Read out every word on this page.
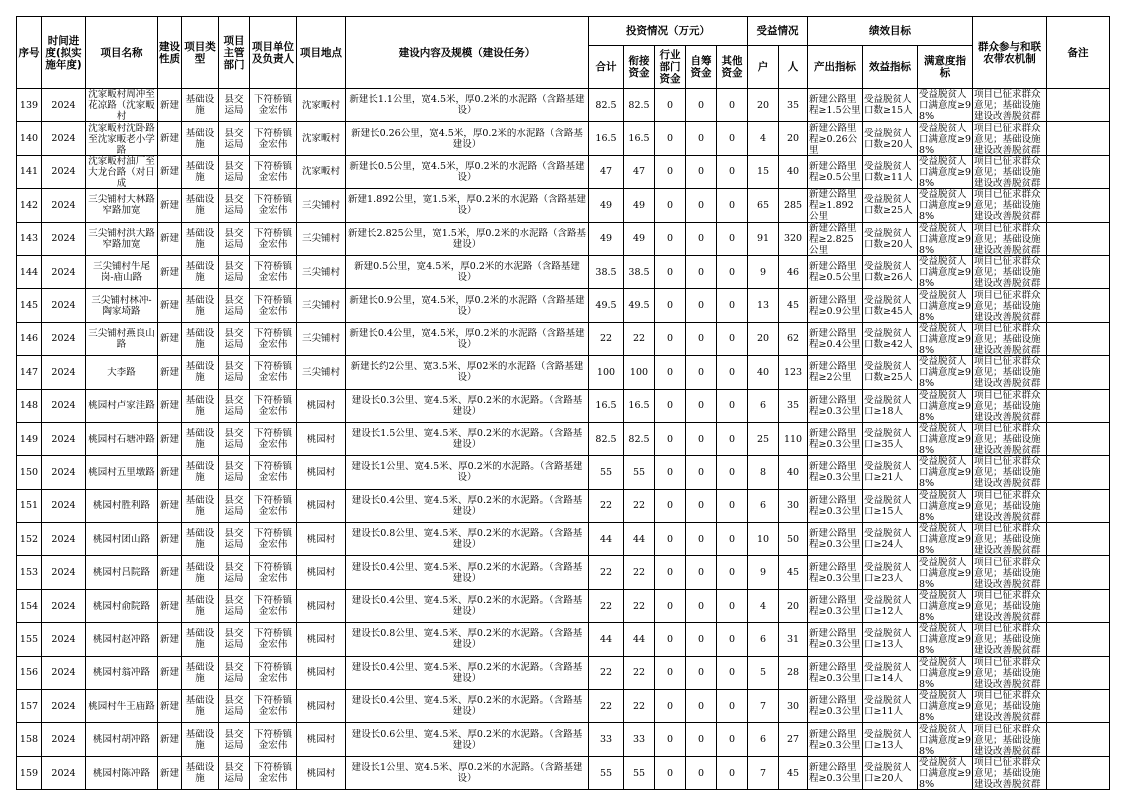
序号	时间进度(拟实施年度)	项目名称	建设性质	项目类型	项目主管部门	项目单位及负责人	项目地点	建设内容及规模（建设任务）	投资情况（万元）					受益情况		绩效目标			群众参与和联农带农机制	备注
									合计	衔接资金	行业部门资金	自筹资金	其他资金	户	人	产出指标	效益指标	满意度指标		

139	2024	沈家畈村周冲至花凉路（沈家畈村	新建	基础设施	县交运局	下符桥镇金宏伟	沈家畈村	新建长1.1公里，宽4.5米，厚0.2米的水泥路（含路基建设）	82.5	82.5	0	0	0	20	35	新建公路里程≥1.5公里	受益脱贫人口数≥15人	受益脱贫人口满意度≥98%	项目已征求群众意见；基础设施建设改善脱贫群	

140	2024	沈家畈村沈卧路至沈家畈老小学路	新建	基础设施	县交运局	下符桥镇金宏伟	沈家畈村	新建长0.26公里，宽4.5米，厚0.2米的水泥路（含路基建设）	16.5	16.5	0	0	0	4	20	新建公路里程≥0.26公里	受益脱贫人口数≥20人	受益脱贫人口满意度≥98%	项目已征求群众意见；基础设施建设改善脱贫群	

141	2024	沈家畈村油厂至大龙台路（对日成	新建	基础设施	县交运局	下符桥镇金宏伟	沈家畈村	新建长0.5公里，宽4.5米，厚0.2米的水泥路（含路基建设）	47	47	0	0	0	15	40	新建公路里程≥0.5公里	受益脱贫人口数≥11人	受益脱贫人口满意度≥98%	项目已征求群众意见；基础设施建设改善脱贫群	

142	2024	三尖铺村大林路窄路加宽	新建	基础设施	县交运局	下符桥镇金宏伟	三尖铺村	新建1.892公里，宽1.5米，厚0.2米的水泥路（含路基建设）	49	49	0	0	0	65	285	新建公路里程≥1.892公里	受益脱贫人口数≥25人	受益脱贫人口满意度≥98%	项目已征求群众意见；基础设施建设改善脱贫群	

143	2024	三尖铺村洪大路窄路加宽	新建	基础设施	县交运局	下符桥镇金宏伟	三尖铺村	新建长2.825公里，宽1.5米，厚0.2米的水泥路（含路基建设）	49	49	0	0	0	91	320	新建公路里程≥2.825公里	受益脱贫人口数≥20人	受益脱贫人口满意度≥98%	项目已征求群众意见；基础设施建设改善脱贫群	

144	2024	三尖铺村牛尾岗-庙山路	新建	基础设施	县交运局	下符桥镇金宏伟	三尖铺村	新建0.5公里，宽4.5米，厚0.2米的水泥路（含路基建设）	38.5	38.5	0	0	0	9	46	新建公路里程≥0.5公里	受益脱贫人口数≥26人	受益脱贫人口满意度≥98%	项目已征求群众意见；基础设施建设改善脱贫群	

145	2024	三尖铺村林冲-陶家埼路	新建	基础设施	县交运局	下符桥镇金宏伟	三尖铺村	新建长0.9公里，宽4.5米，厚0.2米的水泥路（含路基建设）	49.5	49.5	0	0	0	13	45	新建公路里程≥0.9公里	受益脱贫人口数≥45人	受益脱贫人口满意度≥98%	项目已征求群众意见；基础设施建设改善脱贫群	

146	2024	三尖铺村燕良山路	新建	基础设施	县交运局	下符桥镇金宏伟	三尖铺村	新建长0.4公里，宽4.5米，厚0.2米的水泥路（含路基建设）	22	22	0	0	0	20	62	新建公路里程≥0.4公里	受益脱贫人口数≥42人	受益脱贫人口满意度≥98%	项目已征求群众意见；基础设施建设改善脱贫群	

147	2024	大李路	新建	基础设施	县交运局	下符桥镇金宏伟	三尖铺村	新建长约2公里、宽3.5米、厚02米的水泥路（含路基建设）	100	100	0	0	0	40	123	新建公路里程≥2公里	受益脱贫人口数≥25人	受益脱贫人口满意度≥98%	项目已征求群众意见；基础设施建设改善脱贫群	

148	2024	桃园村卢家洼路	新建	基础设施	县交运局	下符桥镇金宏伟	桃园村	建设长0.3公里、宽4.5米、厚0.2米的水泥路。（含路基建设）	16.5	16.5	0	0	0	6	35	新建公路里程≥0.3公里	受益脱贫人口≥18人	受益脱贫人口满意度≥98%	项目已征求群众意见；基础设施建设改善脱贫群	

149	2024	桃园村石塘冲路	新建	基础设施	县交运局	下符桥镇金宏伟	桃园村	建设长1.5公里、宽4.5米、厚0.2米的水泥路。（含路基建设）	82.5	82.5	0	0	0	25	110	新建公路里程≥0.3公里	受益脱贫人口≥35人	受益脱贫人口满意度≥98%	项目已征求群众意见；基础设施建设改善脱贫群	

150	2024	桃园村五里墩路	新建	基础设施	县交运局	下符桥镇金宏伟	桃园村	建设长1公里、宽4.5米、厚0.2米的水泥路。（含路基建设）	55	55	0	0	0	8	40	新建公路里程≥0.3公里	受益脱贫人口≥21人	受益脱贫人口满意度≥98%	项目已征求群众意见；基础设施建设改善脱贫群	

151	2024	桃园村胜利路	新建	基础设施	县交运局	下符桥镇金宏伟	桃园村	建设长0.4公里、宽4.5米、厚0.2米的水泥路。（含路基建设）	22	22	0	0	0	6	30	新建公路里程≥0.3公里	受益脱贫人口≥15人	受益脱贫人口满意度≥98%	项目已征求群众意见；基础设施建设改善脱贫群	

152	2024	桃园村团山路	新建	基础设施	县交运局	下符桥镇金宏伟	桃园村	建设长0.8公里、宽4.5米、厚0.2米的水泥路。（含路基建设）	44	44	0	0	0	10	50	新建公路里程≥0.3公里	受益脱贫人口≥24人	受益脱贫人口满意度≥98%	项目已征求群众意见；基础设施建设改善脱贫群	

153	2024	桃园村吕院路	新建	基础设施	县交运局	下符桥镇金宏伟	桃园村	建设长0.4公里、宽4.5米、厚0.2米的水泥路。（含路基建设）	22	22	0	0	0	9	45	新建公路里程≥0.3公里	受益脱贫人口≥23人	受益脱贫人口满意度≥98%	项目已征求群众意见；基础设施建设改善脱贫群	

154	2024	桃园村俞院路	新建	基础设施	县交运局	下符桥镇金宏伟	桃园村	建设长0.4公里、宽4.5米、厚0.2米的水泥路。（含路基建设）	22	22	0	0	0	4	20	新建公路里程≥0.3公里	受益脱贫人口≥12人	受益脱贫人口满意度≥98%	项目已征求群众意见；基础设施建设改善脱贫群	

155	2024	桃园村赵冲路	新建	基础设施	县交运局	下符桥镇金宏伟	桃园村	建设长0.8公里、宽4.5米、厚0.2米的水泥路。（含路基建设）	44	44	0	0	0	6	31	新建公路里程≥0.3公里	受益脱贫人口≥13人	受益脱贫人口满意度≥98%	项目已征求群众意见；基础设施建设改善脱贫群	

156	2024	桃园村翁冲路	新建	基础设施	县交运局	下符桥镇金宏伟	桃园村	建设长0.4公里、宽4.5米、厚0.2米的水泥路。（含路基建设）	22	22	0	0	0	5	28	新建公路里程≥0.3公里	受益脱贫人口≥14人	受益脱贫人口满意度≥98%	项目已征求群众意见；基础设施建设改善脱贫群	

157	2024	桃园村牛王庙路	新建	基础设施	县交运局	下符桥镇金宏伟	桃园村	建设长0.4公里、宽4.5米、厚0.2米的水泥路。（含路基建设）	22	22	0	0	0	7	30	新建公路里程≥0.3公里	受益脱贫人口≥11人	受益脱贫人口满意度≥98%	项目已征求群众意见；基础设施建设改善脱贫群	

158	2024	桃园村胡冲路	新建	基础设施	县交运局	下符桥镇金宏伟	桃园村	建设长0.6公里、宽4.5米、厚0.2米的水泥路。（含路基建设）	33	33	0	0	0	6	27	新建公路里程≥0.3公里	受益脱贫人口≥13人	受益脱贫人口满意度≥98%	项目已征求群众意见；基础设施建设改善脱贫群	

159	2024	桃园村陈冲路	新建	基础设施	县交运局	下符桥镇金宏伟	桃园村	建设长1公里、宽4.5米、厚0.2米的水泥路。（含路基建设）	55	55	0	0	0	7	45	新建公路里程≥0.3公里	受益脱贫人口≥20人	受益脱贫人口满意度≥98%	项目已征求群众意见；基础设施建设改善脱贫群	
